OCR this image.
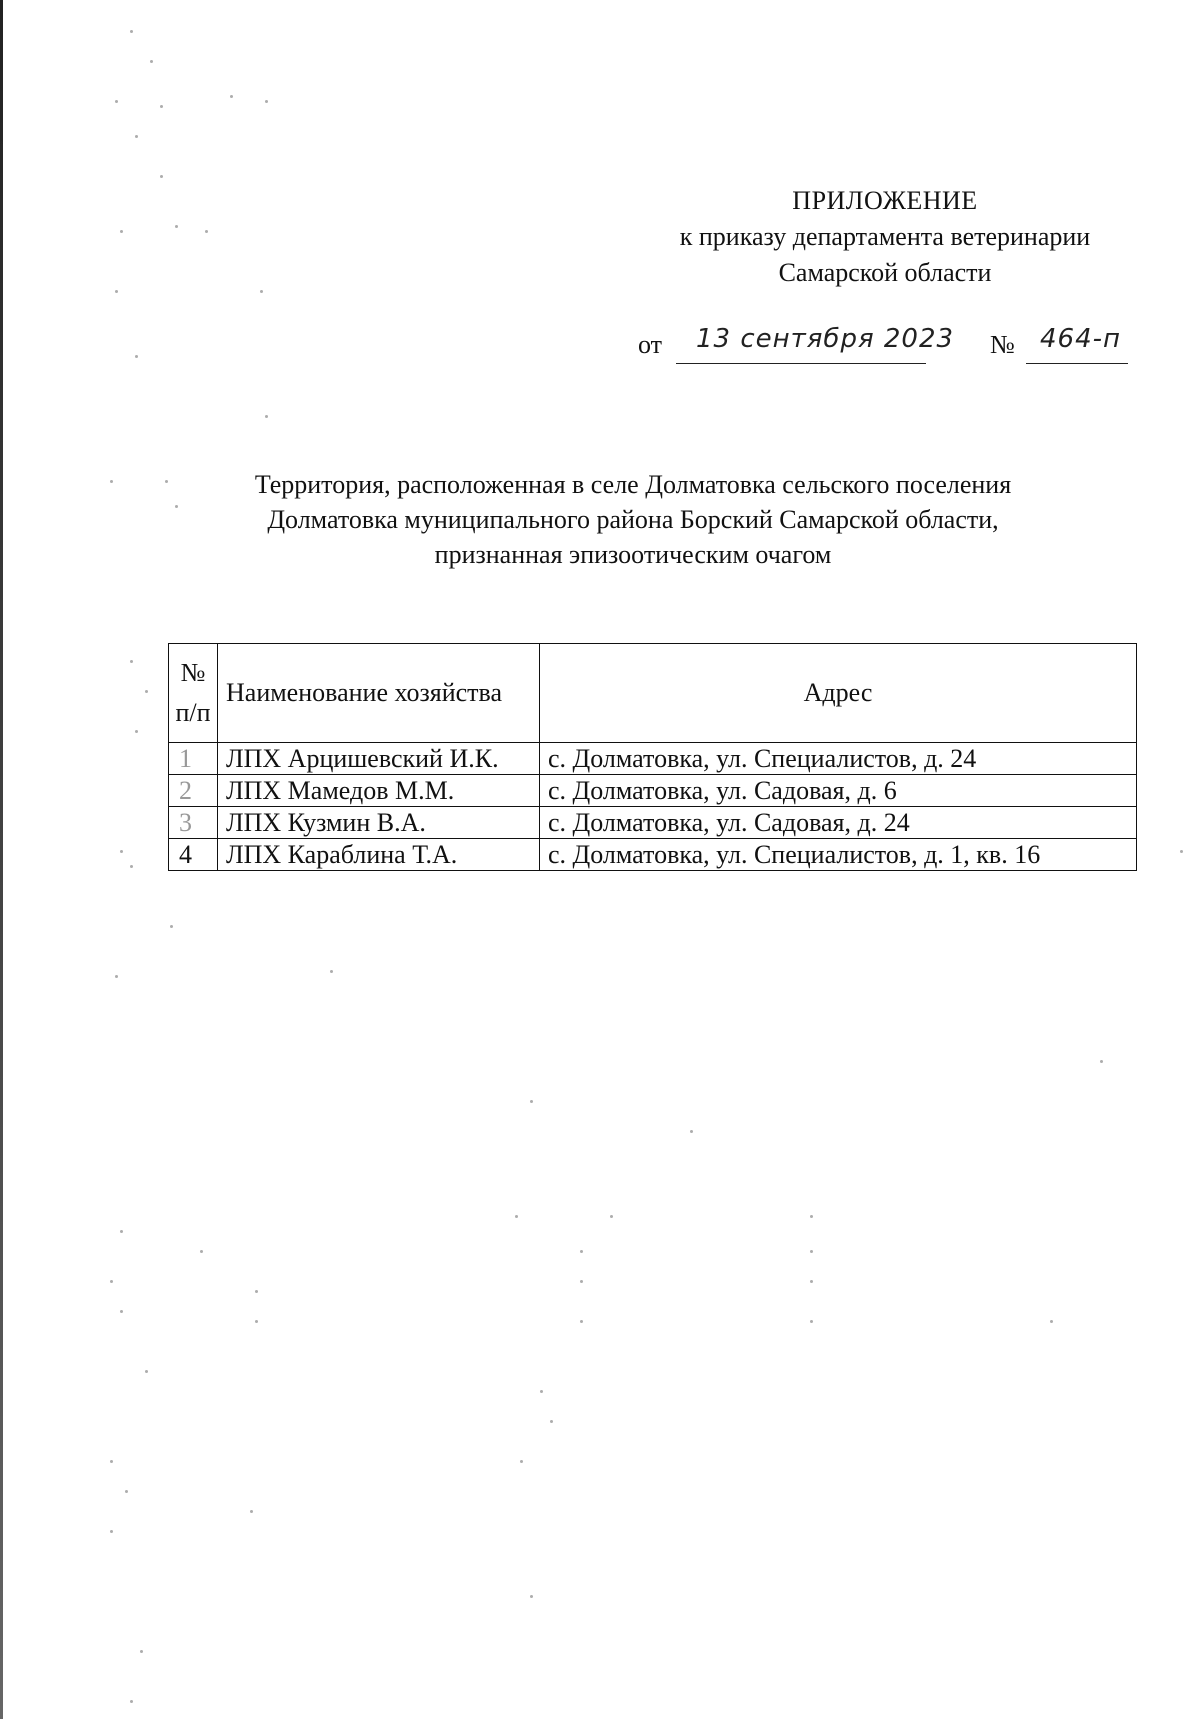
ПРИЛОЖЕНИЕ
к приказу департамента ветеринарии
Самарской области
от 13 сентября 2023 № 464-п
Территория, расположенная в селе Долматовка сельского поселения
Долматовка муниципального района Борский Самарской области,
признанная эпизоотическим очагом
№
п/п	Наименование хозяйства	Адрес
1	ЛПХ Арцишевский И.К.	с. Долматовка, ул. Специалистов, д. 24
2	ЛПХ Мамедов М.М.	с. Долматовка, ул. Садовая, д. 6
3	ЛПХ Кузмин В.А.	с. Долматовка, ул. Садовая, д. 24
4	ЛПХ Караблина Т.А.	с. Долматовка, ул. Специалистов, д. 1, кв. 16
